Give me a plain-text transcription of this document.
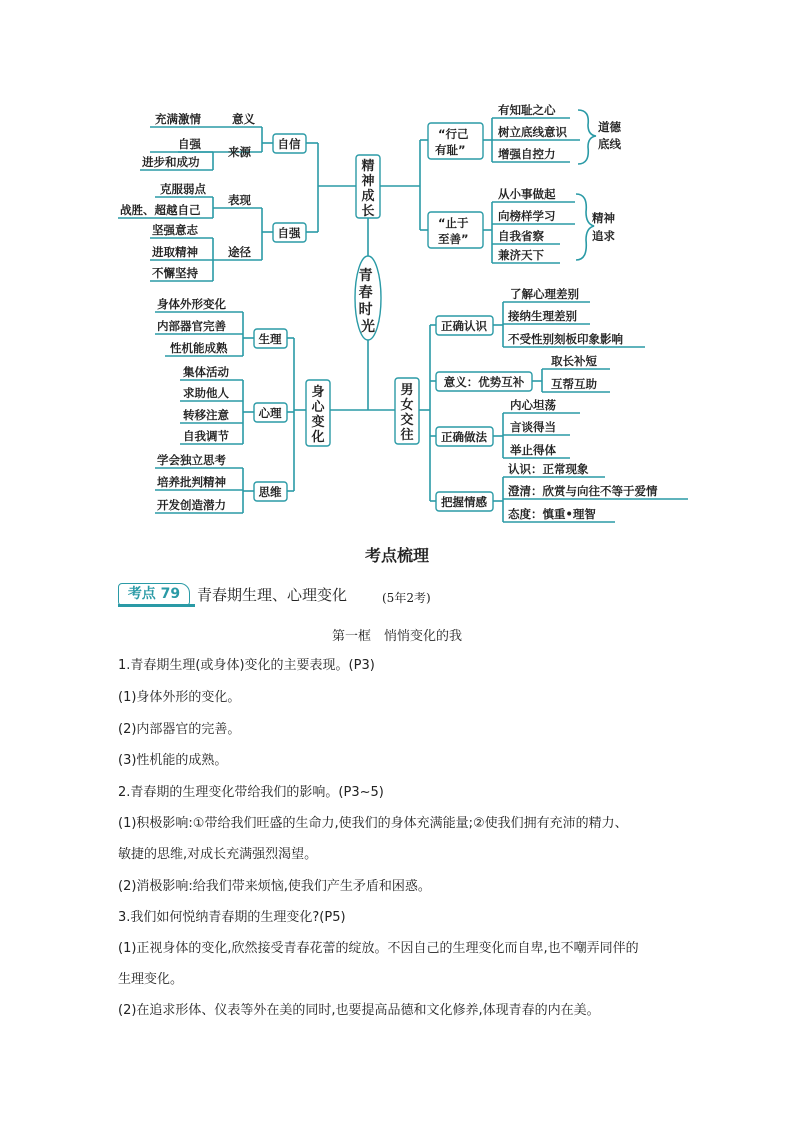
青 春 时 光
精神成长
自信
充满激情	意义
来源
自强
进步和成功
自强
表现
途径
克服弱点
战胜、超越自己
坚强意志
进取精神
不懈坚持
“行己
有耻”
有知耻之心
树立底线意识
增强自控力
道德
底线
“止于
至善”
从小事做起
向榜样学习
自我省察
兼济天下
精神
追求
身心变化
生理
身体外形变化
内部器官完善
性机能成熟
心理
集体活动
求助他人
转移注意
自我调节
思维
学会独立思考
培养批判精神
开发创造潜力
男女交往
正确认识
了解心理差别
接纳生理差别
不受性别刻板印象影响
意义：优势互补
取长补短
互帮互助
正确做法
内心坦荡
言谈得当
举止得体
把握情感
认识：正常现象
澄清：欣赏与向往不等于爱情
态度：慎重•理智
考点梳理
考点 79	青春期生理、心理变化	(5年2考)
第一框　悄悄变化的我
1.青春期生理(或身体)变化的主要表现。(P3)
(1)身体外形的变化。
(2)内部器官的完善。
(3)性机能的成熟。
2.青春期的生理变化带给我们的影响。(P3~5)
(1)积极影响:①带给我们旺盛的生命力,使我们的身体充满能量;②使我们拥有充沛的精力、
敏捷的思维,对成长充满强烈渴望。
(2)消极影响:给我们带来烦恼,使我们产生矛盾和困惑。
3.我们如何悦纳青春期的生理变化?(P5)
(1)正视身体的变化,欣然接受青春花蕾的绽放。不因自己的生理变化而自卑,也不嘲弄同伴的
生理变化。
(2)在追求形体、仪表等外在美的同时,也要提高品德和文化修养,体现青春的内在美。
